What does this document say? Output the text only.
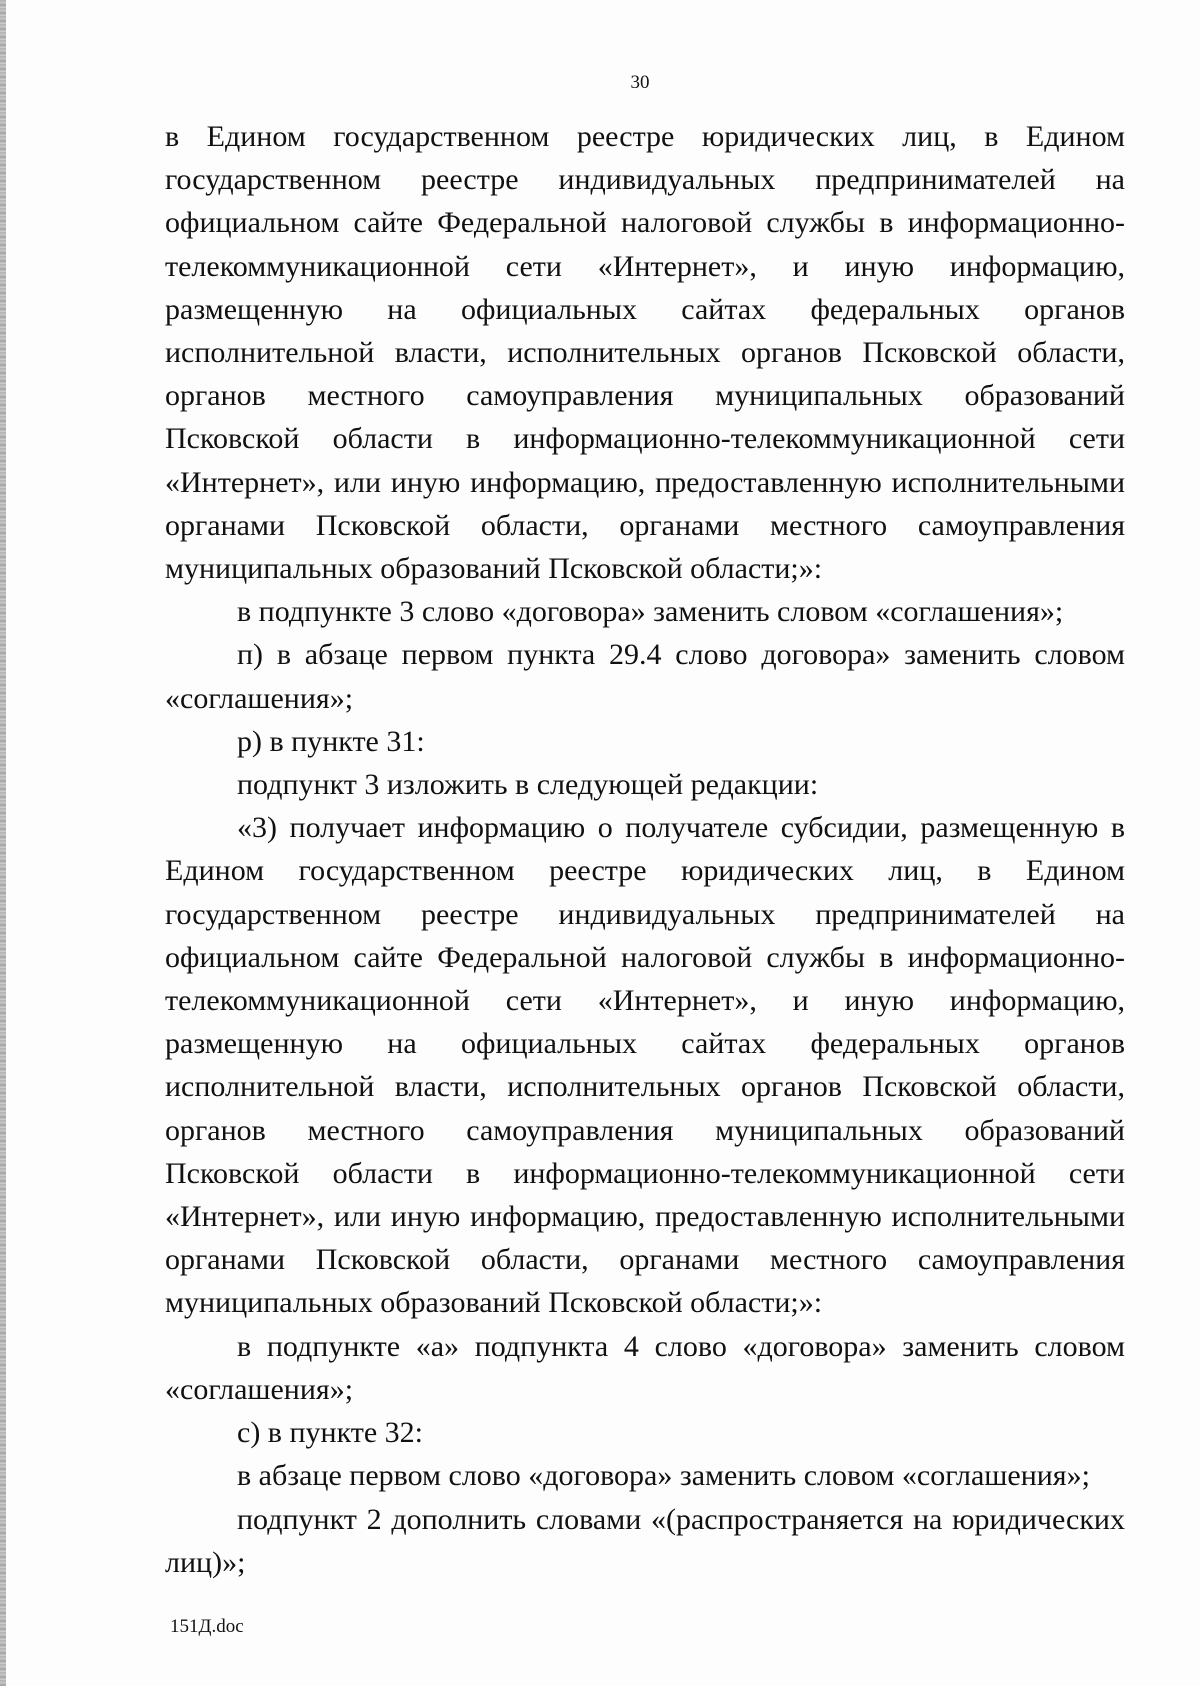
30

в Едином государственном реестре юридических лиц, в Едином государственном реестре индивидуальных предпринимателей на официальном сайте Федеральной налоговой службы в информационно-телекоммуникационной сети «Интернет», и иную информацию, размещенную на официальных сайтах федеральных органов исполнительной власти, исполнительных органов Псковской области, органов местного самоуправления муниципальных образований Псковской области в информационно-телекоммуникационной сети «Интернет», или иную информацию, предоставленную исполнительными органами Псковской области, органами местного самоуправления муниципальных образований Псковской области;»:

в подпункте 3 слово «договора» заменить словом «соглашения»;

п) в абзаце первом пункта 29.4 слово договора» заменить словом «соглашения»;

р) в пункте 31:

подпункт 3 изложить в следующей редакции:

«3) получает информацию о получателе субсидии, размещенную в Едином государственном реестре юридических лиц, в Едином государственном реестре индивидуальных предпринимателей на официальном сайте Федеральной налоговой службы в информационно-телекоммуникационной сети «Интернет», и иную информацию, размещенную на официальных сайтах федеральных органов исполнительной власти, исполнительных органов Псковской области, органов местного самоуправления муниципальных образований Псковской области в информационно-телекоммуникационной сети «Интернет», или иную информацию, предоставленную исполнительными органами Псковской области, органами местного самоуправления муниципальных образований Псковской области;»:

в подпункте «а» подпункта 4 слово «договора» заменить словом «соглашения»;

с) в пункте 32:

в абзаце первом слово «договора» заменить словом «соглашения»;

подпункт 2 дополнить словами «(распространяется на юридических лиц)»;

151Д.doc
